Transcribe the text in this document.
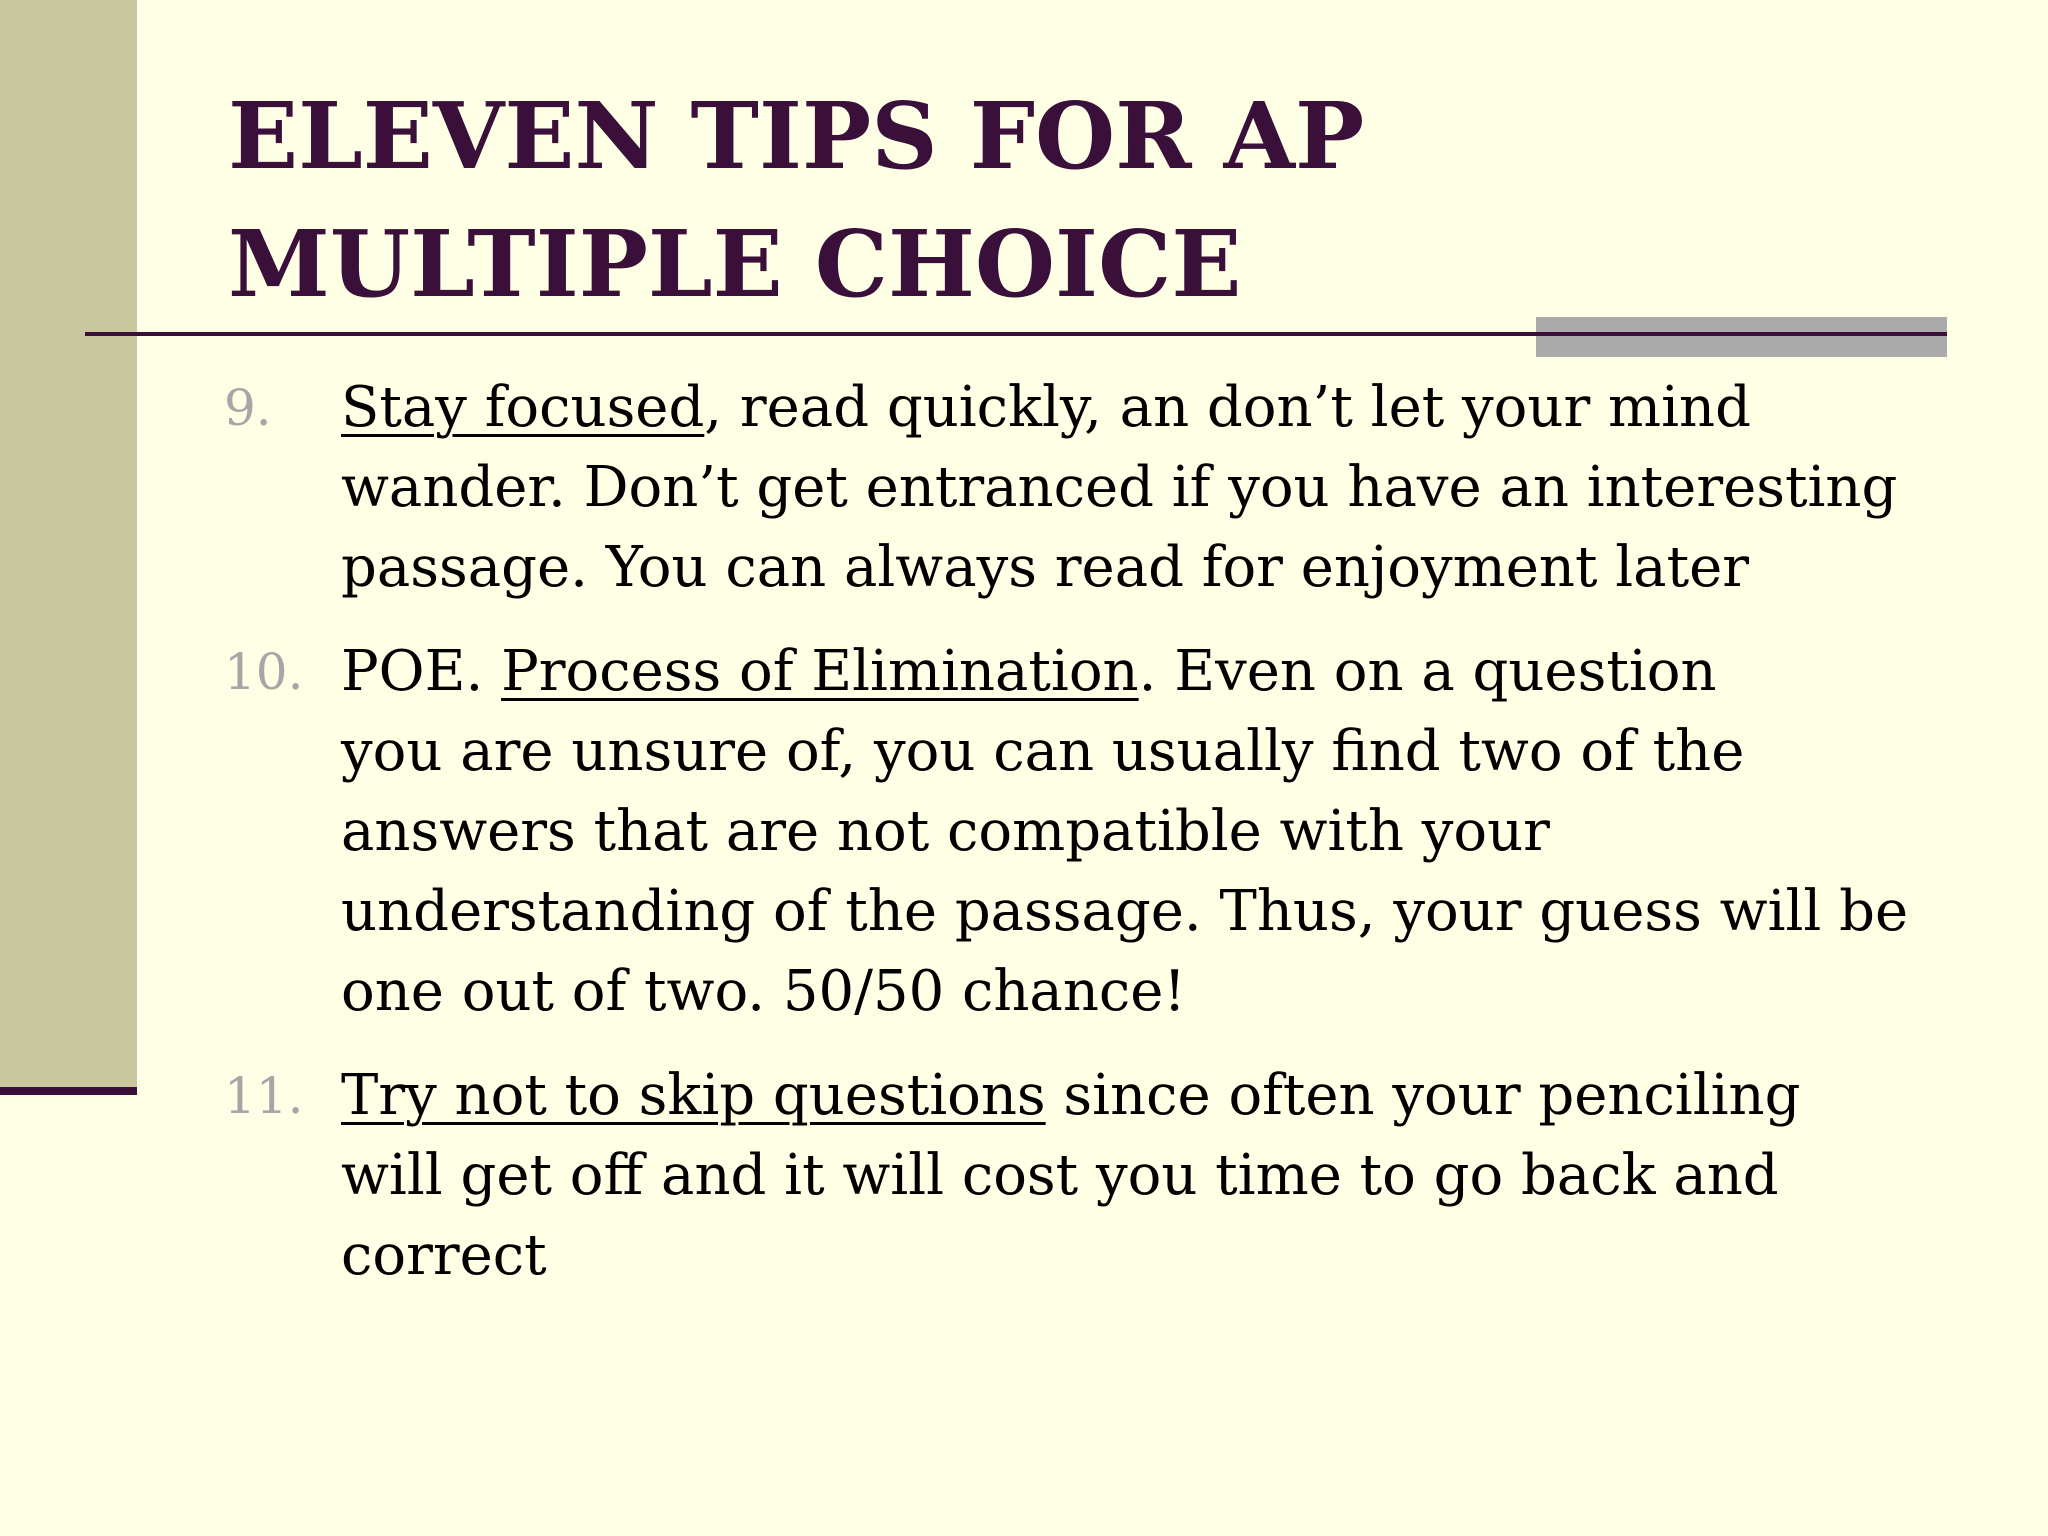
ELEVEN TIPS FOR AP
MULTIPLE CHOICE
9. Stay focused, read quickly, an don’t let your mind
wander. Don’t get entranced if you have an interesting
passage. You can always read for enjoyment later
10. POE. Process of Elimination. Even on a question
you are unsure of, you can usually find two of the
answers that are not compatible with your
understanding of the passage. Thus, your guess will be
one out of two. 50/50 chance!
11. Try not to skip questions since often your penciling
will get off and it will cost you time to go back and
correct
